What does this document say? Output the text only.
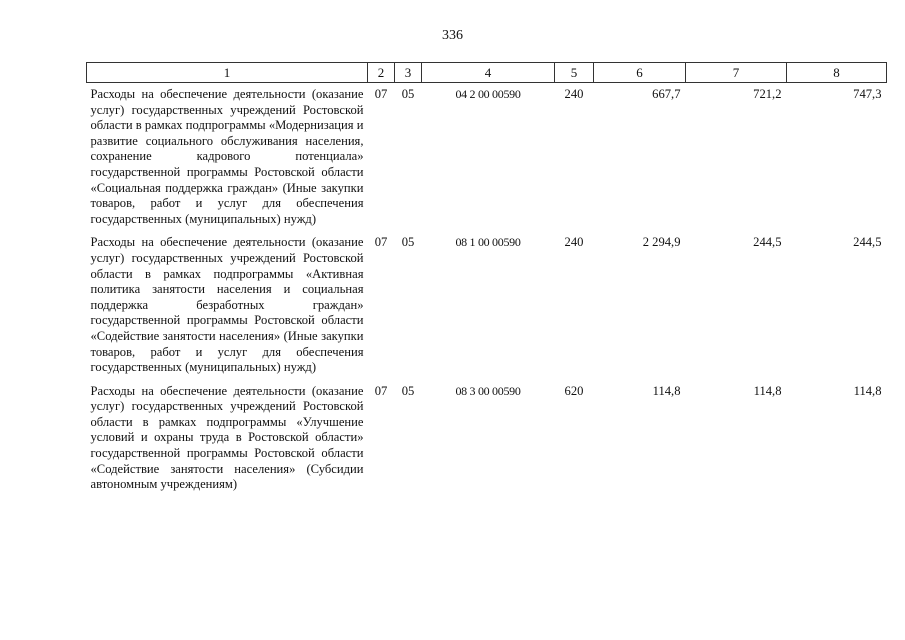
336
1	2	3	4	5	6	7	8
Расходы на обеспечение деятельности (оказание услуг) государственных учреждений Ростовской области в рамках подпрограммы «Модернизация и развитие социального обслуживания населения, сохранение кадрового потенциала» государственной программы Ростовской области «Социальная поддержка граждан» (Иные закупки товаров, работ и услуг для обеспечения государственных (муниципальных) нужд)	07	05	04 2 00 00590	240	667,7	721,2	747,3
Расходы на обеспечение деятельности (оказание услуг) государственных учреждений Ростовской области в рамках подпрограммы «Активная политика занятости населения и социальная поддержка безработных граждан» государственной программы Ростовской области «Содействие занятости населения» (Иные закупки товаров, работ и услуг для обеспечения государственных (муниципальных) нужд)	07	05	08 1 00 00590	240	2 294,9	244,5	244,5
Расходы на обеспечение деятельности (оказание услуг) государственных учреждений Ростовской области в рамках подпрограммы «Улучшение условий и охраны труда в Ростовской области» государственной программы Ростовской области «Содействие занятости населения» (Субсидии автономным учреждениям)	07	05	08 3 00 00590	620	114,8	114,8	114,8
